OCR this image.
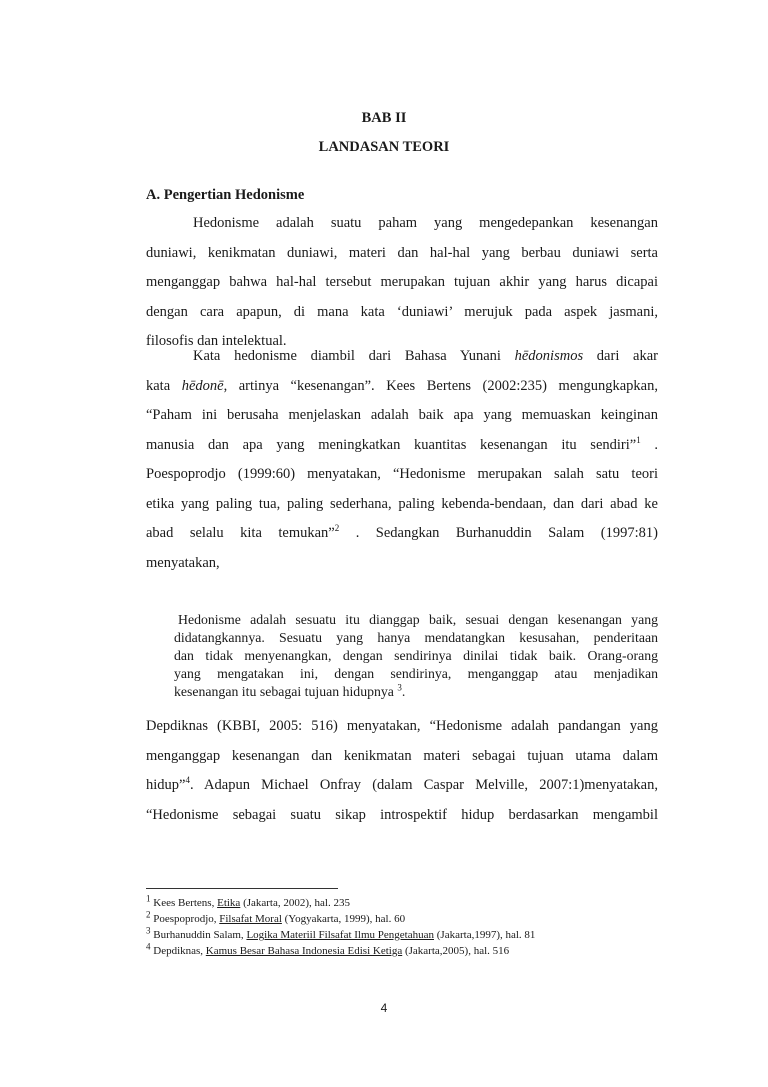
BAB II
LANDASAN TEORI
A. Pengertian Hedonisme
Hedonisme adalah suatu paham yang mengedepankan kesenangan
duniawi, kenikmatan duniawi, materi dan hal-hal yang berbau duniawi serta
menganggap bahwa hal-hal tersebut merupakan tujuan akhir yang harus dicapai
dengan cara apapun, di mana kata ‘duniawi’ merujuk pada aspek jasmani,
filosofis dan intelektual.
Kata hedonisme diambil dari Bahasa Yunani hēdonismos dari akar
kata hēdonē, artinya “kesenangan”. Kees Bertens (2002:235) mengungkapkan,
“Paham ini berusaha menjelaskan adalah baik apa yang memuaskan keinginan
manusia dan apa yang meningkatkan kuantitas kesenangan itu sendiri”$^1$ .
Poespoprodjo (1999:60) menyatakan, “Hedonisme merupakan salah satu teori
etika yang paling tua, paling sederhana, paling kebenda-bendaan, dan dari abad ke
abad selalu kita temukan”$^2$ . Sedangkan Burhanuddin Salam (1997:81)
menyatakan,
Hedonisme adalah sesuatu itu dianggap baik, sesuai dengan kesenangan yang
didatangkannya. Sesuatu yang hanya mendatangkan kesusahan, penderitaan
dan tidak menyenangkan, dengan sendirinya dinilai tidak baik. Orang-orang
yang mengatakan ini, dengan sendirinya, menganggap atau menjadikan
kesenangan itu sebagai tujuan hidupnya $^3$.
Depdiknas (KBBI, 2005: 516) menyatakan, “Hedonisme adalah pandangan yang
menganggap kesenangan dan kenikmatan materi sebagai tujuan utama dalam
hidup”$^4$. Adapun Michael Onfray (dalam Caspar Melville, 2007:1)menyatakan,
“Hedonisme sebagai suatu sikap introspektif hidup berdasarkan mengambil
$^1$ Kees Bertens, Etika (Jakarta, 2002), hal. 235
$^2$ Poespoprodjo, Filsafat Moral (Yogyakarta, 1999), hal. 60
$^3$ Burhanuddin Salam, Logika Materiil Filsafat Ilmu Pengetahuan (Jakarta,1997), hal. 81
$^4$ Depdiknas, Kamus Besar Bahasa Indonesia Edisi Ketiga (Jakarta,2005), hal. 516
4
